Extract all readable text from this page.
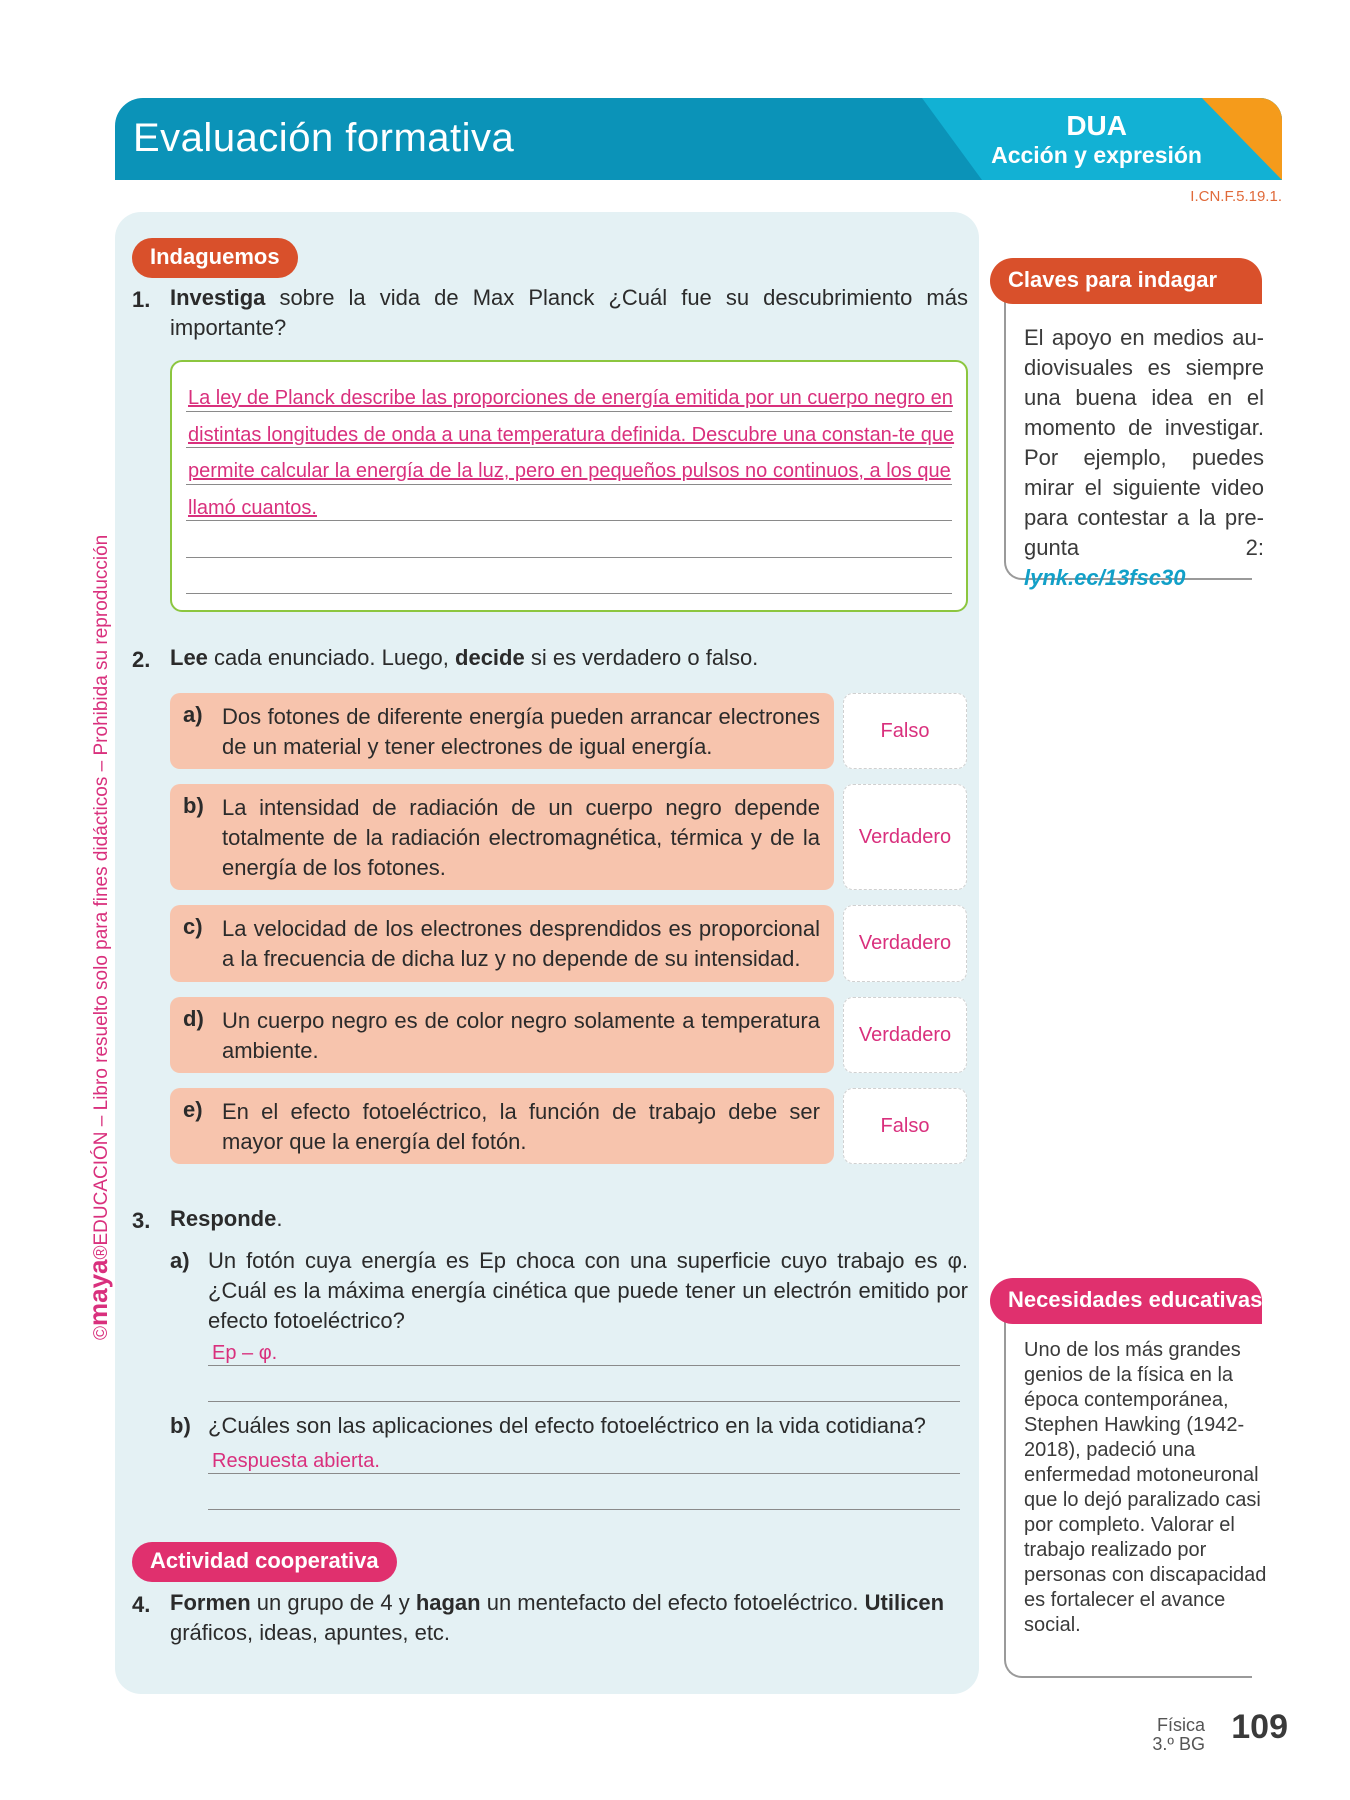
Evaluación formativa	DUA
Acción y expresión
I.CN.F.5.19.1.
©maya®EDUCACIÓN – Libro resuelto solo para fines didácticos – Prohibida su reproducción
Indaguemos
1. Investiga sobre la vida de Max Planck ¿Cuál fue su descubrimiento más importante?
La ley de Planck describe las proporciones de energía emitida por un cuerpo negro en distintas longitudes de onda a una temperatura definida. Descubre una constan-te que permite calcular la energía de la luz, pero en pequeños pulsos no continuos, a los que llamó cuantos.
2. Lee cada enunciado. Luego, decide si es verdadero o falso.
a) Dos fotones de diferente energía pueden arrancar electrones de un material y tener electrones de igual energía.
Falso
b) La intensidad de radiación de un cuerpo negro depende totalmente de la radiación electromagnética, térmica y de la energía de los fotones.
Verdadero
c) La velocidad de los electrones desprendidos es proporcional a la frecuencia de dicha luz y no depende de su intensidad.
Verdadero
d) Un cuerpo negro es de color negro solamente a temperatura ambiente.
Verdadero
e) En el efecto fotoeléctrico, la función de trabajo debe ser mayor que la energía del fotón.
Falso
3. Responde.
a) Un fotón cuya energía es Ep choca con una superficie cuyo trabajo es φ. ¿Cuál es la máxima energía cinética que puede tener un electrón emitido por efecto fotoeléctrico?
Ep – φ.
b) ¿Cuáles son las aplicaciones del efecto fotoeléctrico en la vida cotidiana?
Respuesta abierta.
Actividad cooperativa
4. Formen un grupo de 4 y hagan un mentefacto del efecto fotoeléctrico. Utilicen gráficos, ideas, apuntes, etc.
Claves para indagar
El apoyo en medios au-diovisuales es siempre una buena idea en el momento de investigar. Por ejemplo, puedes mirar el siguiente video para contestar a la pre-gunta 2: lynk.ec/13fsc30
Necesidades educativas
Uno de los más grandes genios de la física en la época contemporánea, Stephen Hawking (1942-2018), padeció una enfermedad motoneuronal que lo dejó paralizado casi por completo. Valorar el trabajo realizado por personas con discapacidad es fortalecer el avance social.
Física
3.º BG 109
